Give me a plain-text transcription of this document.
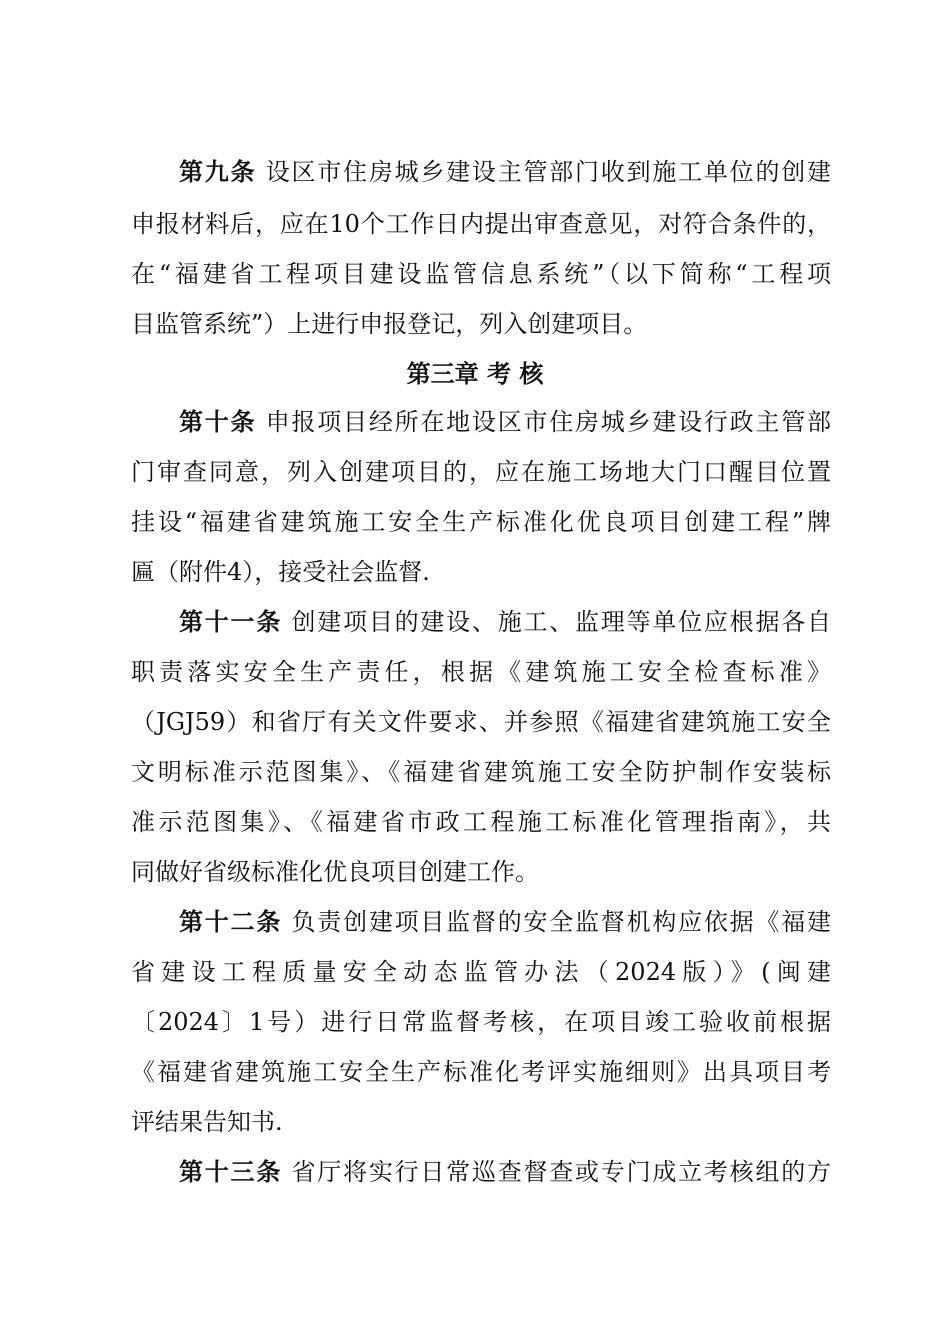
第九条 设区市住房城乡建设主管部门收到施工单位的创建
申报材料后，应在10个工作日内提出审查意见，对符合条件的，
在“福建省工程项目建设监管信息系统”（以下简称“工程项
目监管系统”）上进行申报登记，列入创建项目。
第三章 考 核
第十条 申报项目经所在地设区市住房城乡建设行政主管部
门审查同意，列入创建项目的，应在施工场地大门口醒目位置
挂设“福建省建筑施工安全生产标准化优良项目创建工程”牌
匾（附件4），接受社会监督.
第十一条 创建项目的建设、施工、监理等单位应根据各自
职责落实安全生产责任，根据《建筑施工安全检查标准》
（JGJ59）和省厅有关文件要求、并参照《福建省建筑施工安全
文明标准示范图集》、《福建省建筑施工安全防护制作安装标
准示范图集》、《福建省市政工程施工标准化管理指南》，共
同做好省级标准化优良项目创建工作。
第十二条 负责创建项目监督的安全监督机构应依据《福建
省建设工程质量安全动态监管办法（2024版）》(闽建
〔2024〕1号）进行日常监督考核，在项目竣工验收前根据
《福建省建筑施工安全生产标准化考评实施细则》出具项目考
评结果告知书.
第十三条 省厅将实行日常巡查督查或专门成立考核组的方
